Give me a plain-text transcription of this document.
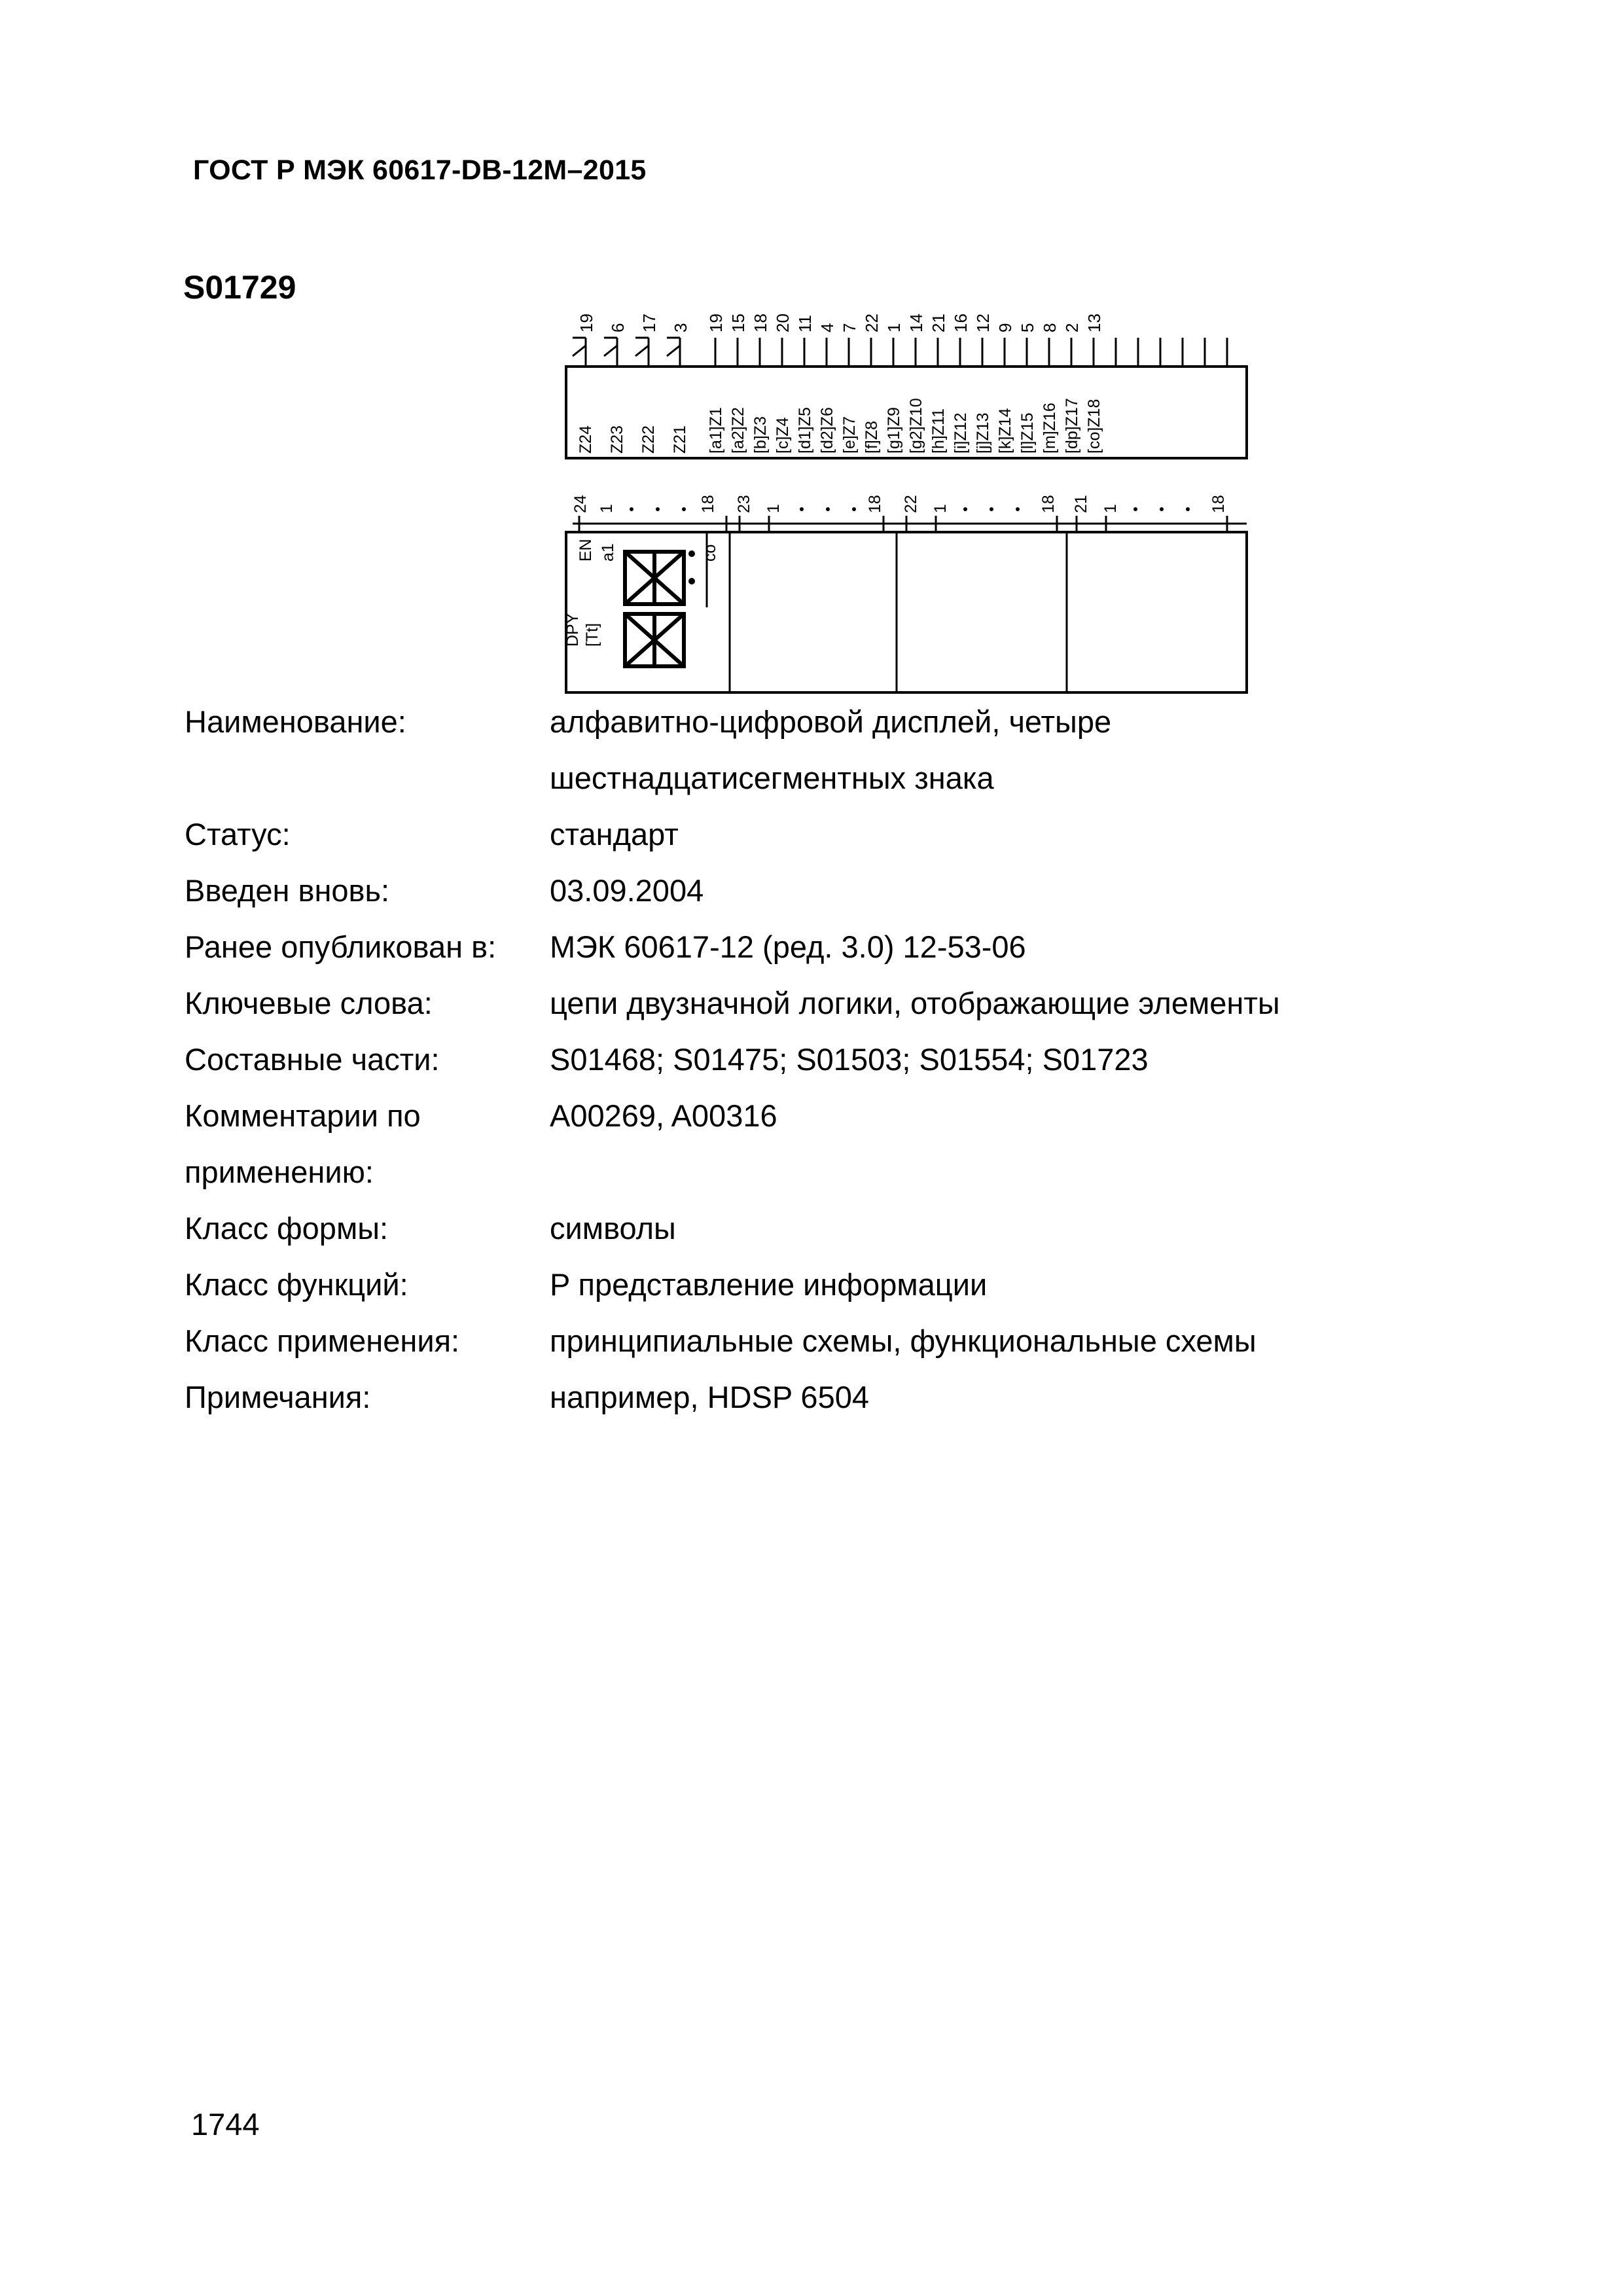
ГОСТ Р МЭК 60617-DB-12M–2015
S01729
19 6 17 3 19 15 18 20 11 4 7 22 1 14 21 16 12 9 5 8 2 13
Z24 Z23 Z22 Z21 [a1]Z1 [a2]Z2 [b]Z3 [c]Z4 [d1]Z5 [d2]Z6 [e]Z7 [f]Z8 [g1]Z9 [g2]Z10 [h]Z11 [i]Z12 [j]Z13 [k]Z14 [l]Z15 [m]Z16 [dp]Z17 [co]Z18
24 1	18 23 1	18 22 1	18 21 1	18
EN a1	co
DPY [Tt]
Наименование:	алфавитно-цифровой дисплей, четыре
шестнадцатисегментных знака
Статус:	стандарт
Введен вновь:	03.09.2004
Ранее опубликован в:	МЭК 60617-12 (ред. 3.0) 12-53-06
Ключевые слова:	цепи двузначной логики, отображающие элементы
Составные части:	S01468; S01475; S01503; S01554; S01723
Комментарии по	A00269, A00316
применению:
Класс формы:	символы
Класс функций:	P представление информации
Класс применения:	принципиальные схемы, функциональные схемы
Примечания:	например, HDSP 6504
1744
